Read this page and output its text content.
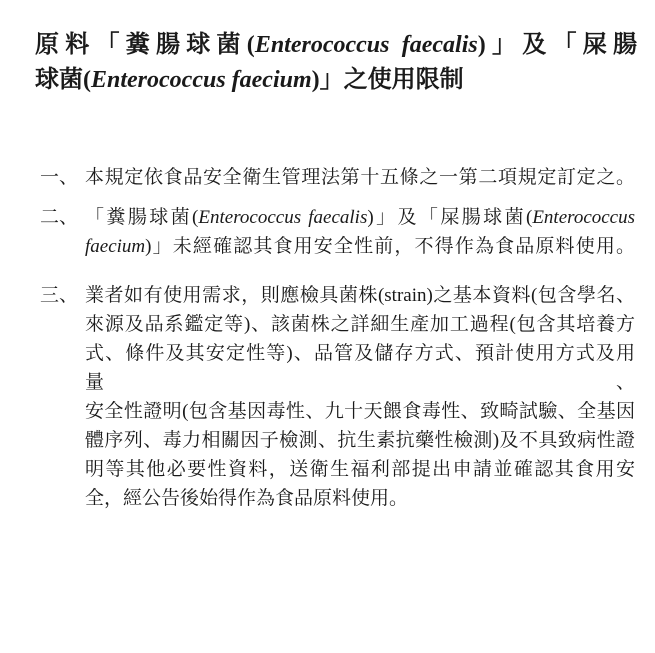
原料「糞腸球菌(Enterococcus faecalis)」及「屎腸
球菌(Enterococcus faecium)」之使用限制
一、 本規定依食品安全衛生管理法第十五條之一第二項規定訂定之。
二、 「糞腸球菌(Enterococcus faecalis)」及「屎腸球菌(Enterococcus
faecium)」未經確認其食用安全性前，不得作為食品原料使用。
三、 業者如有使用需求，則應檢具菌株(strain)之基本資料(包含學名、
來源及品系鑑定等)、該菌株之詳細生產加工過程(包含其培養方
式、條件及其安定性等)、品管及儲存方式、預計使用方式及用量、
安全性證明(包含基因毒性、九十天餵食毒性、致畸試驗、全基因
體序列、毒力相關因子檢測、抗生素抗藥性檢測)及不具致病性證
明等其他必要性資料，送衛生福利部提出申請並確認其食用安
全，經公告後始得作為食品原料使用。
